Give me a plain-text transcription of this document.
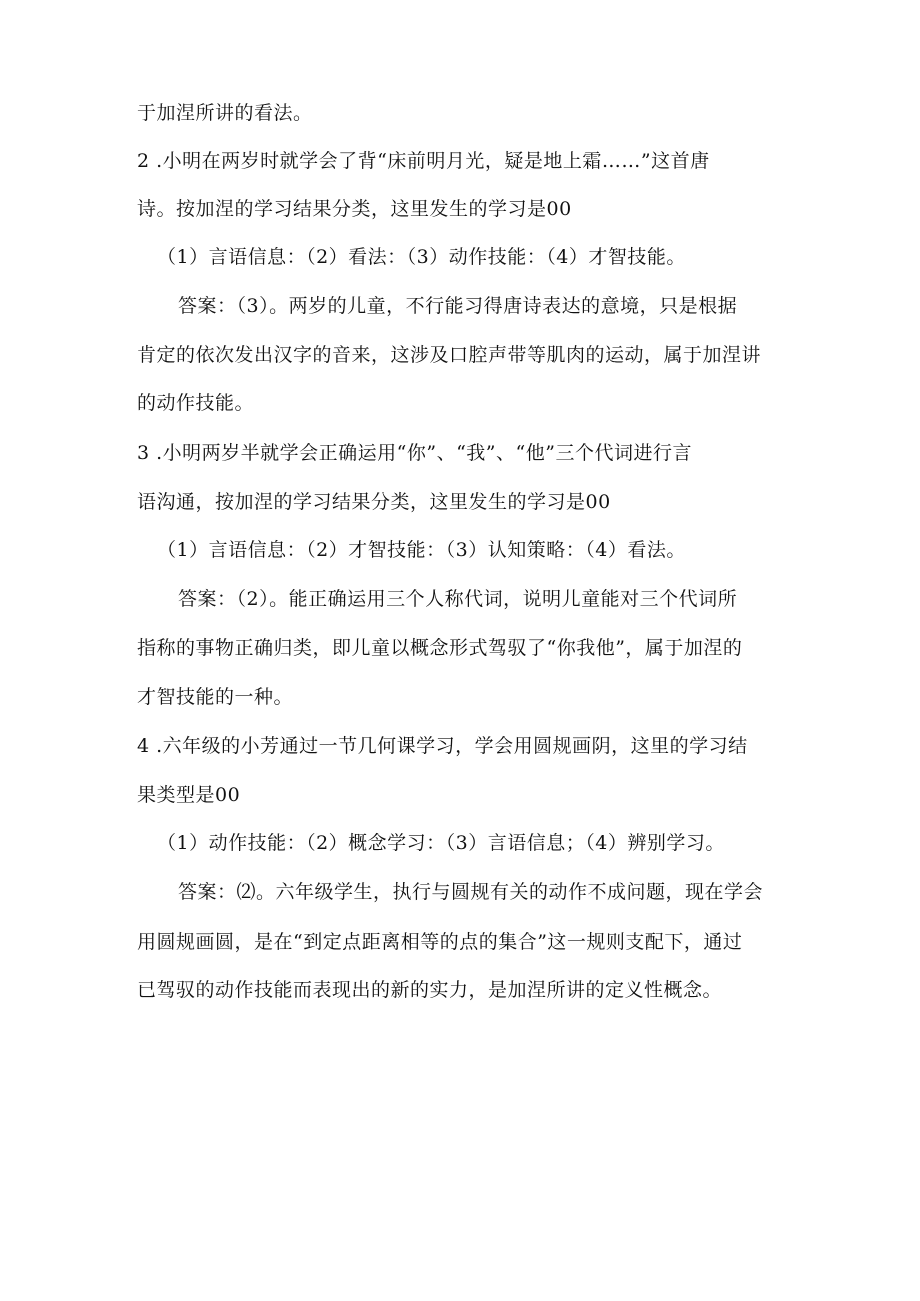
于加涅所讲的看法。
2 .小明在两岁时就学会了背“床前明月光，疑是地上霜……”这首唐
诗。按加涅的学习结果分类，这里发生的学习是00
（1）言语信息：（2）看法：（3）动作技能：（4）才智技能。
答案：（3）。两岁的儿童，不行能习得唐诗表达的意境，只是根据
肯定的依次发出汉字的音来，这涉及口腔声带等肌肉的运动，属于加涅讲
的动作技能。
3 .小明两岁半就学会正确运用“你”、“我”、“他”三个代词进行言
语沟通，按加涅的学习结果分类，这里发生的学习是00
（1）言语信息：（2）才智技能：（3）认知策略：（4）看法。
答案：（2）。能正确运用三个人称代词，说明儿童能对三个代词所
指称的事物正确归类，即儿童以概念形式驾驭了“你我他”，属于加涅的
才智技能的一种。
4 .六年级的小芳通过一节几何课学习，学会用圆规画阴，这里的学习结
果类型是00
（1）动作技能：（2）概念学习：（3）言语信息；（4）辨别学习。
答案：⑵。六年级学生，执行与圆规有关的动作不成问题，现在学会
用圆规画圆，是在“到定点距离相等的点的集合”这一规则支配下，通过
已驾驭的动作技能而表现出的新的实力，是加涅所讲的定义性概念。
